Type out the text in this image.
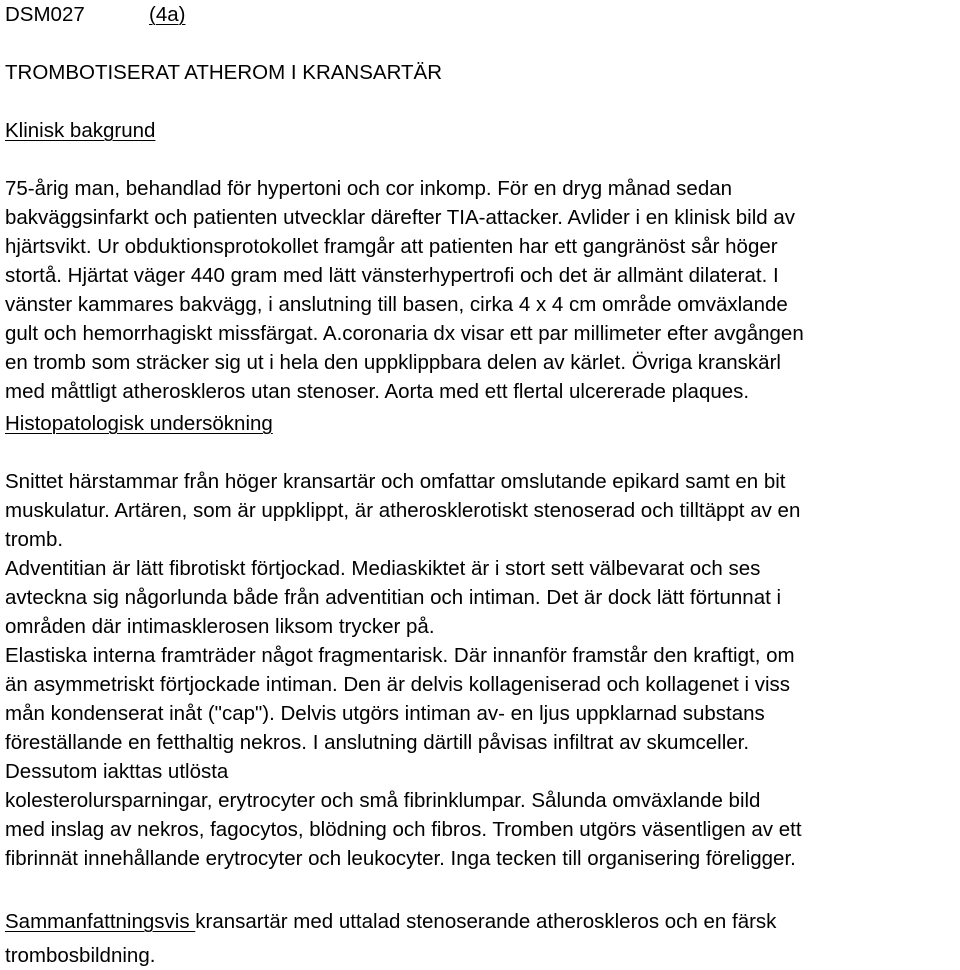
DSM027	(4a)
TROMBOTISERAT ATHEROM I KRANSARTÄR
Klinisk bakgrund

75-årig man, behandlad för hypertoni och cor inkomp. För en dryg månad sedan

bakväggsinfarkt och patienten utvecklar därefter TIA-attacker. Avlider i en klinisk bild av

hjärtsvikt. Ur obduktionsprotokollet framgår att patienten har ett gangränöst sår höger

stortå. Hjärtat väger 440 gram med lätt vänsterhypertrofi och det är allmänt dilaterat. I

vänster kammares bakvägg, i anslutning till basen, cirka 4 x 4 cm område omväxlande

gult och hemorrhagiskt missfärgat. A.coronaria dx visar ett par millimeter efter avgången

en tromb som sträcker sig ut i hela den uppklippbara delen av kärlet. Övriga kranskärl

med måttligt atheroskleros utan stenoser. Aorta med ett flertal ulcererade plaques.

Histopatologisk undersökning

Snittet härstammar från höger kransartär och omfattar omslutande epikard samt en bit

muskulatur. Artären, som är uppklippt, är atherosklerotiskt stenoserad och tilltäppt av en

tromb.

Adventitian är lätt fibrotiskt förtjockad. Mediaskiktet är i stort sett välbevarat och ses

avteckna sig någorlunda både från adventitian och intiman. Det är dock lätt förtunnat i

områden där intimasklerosen liksom trycker på.

Elastiska interna framträder något fragmentarisk. Där innanför framstår den kraftigt, om

än asymmetriskt förtjockade intiman. Den är delvis kollageniserad och kollagenet i viss

mån kondenserat inåt ("cap"). Delvis utgörs intiman av- en ljus uppklarnad substans

föreställande en fetthaltig nekros. I anslutning därtill påvisas infiltrat av skumceller.

Dessutom iakttas utlösta

kolesterolursparningar, erytrocyter och små fibrinklumpar. Sålunda omväxlande bild

med inslag av nekros, fagocytos, blödning och fibros. Tromben utgörs väsentligen av ett

fibrinnät innehållande erytrocyter och leukocyter. Inga tecken till organisering föreligger.

Sammanfattningsvis kransartär med uttalad stenoserande atheroskleros och en färsk

trombosbildning.
